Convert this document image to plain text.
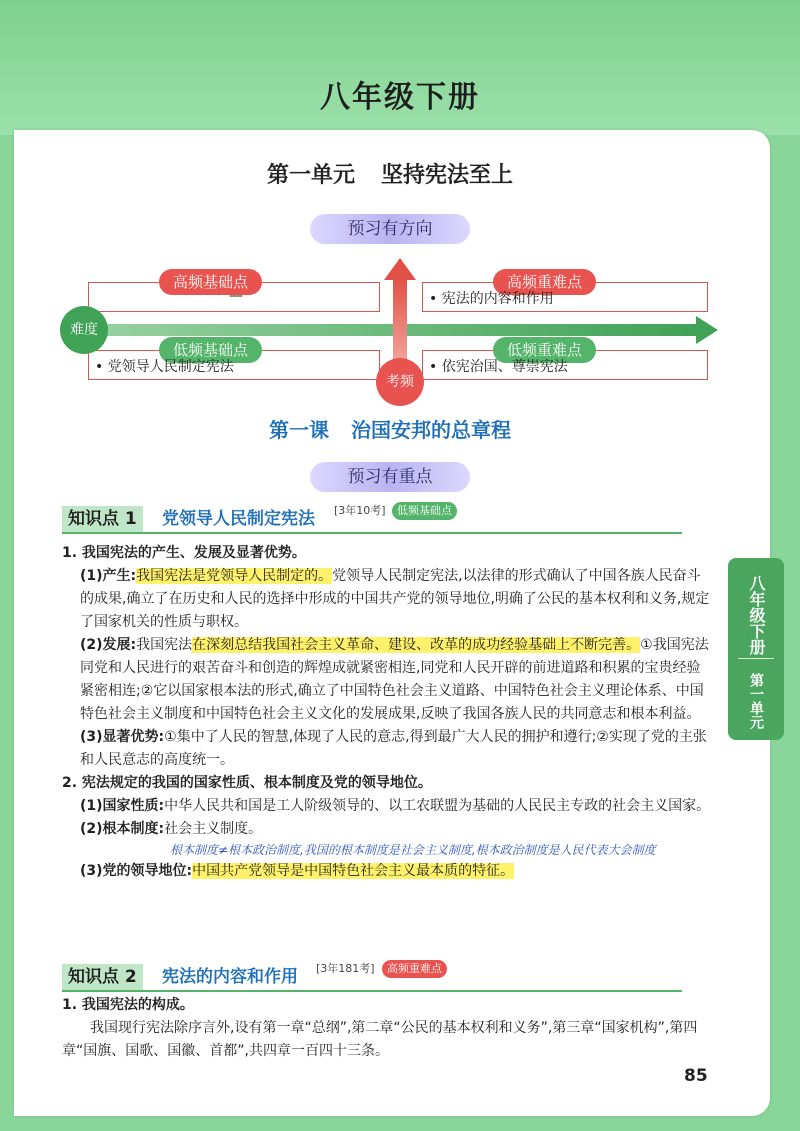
八年级下册
八年级下册
第一单元
第一单元 坚持宪法至上
预习有方向
高频基础点
—
高频重难点
• 宪法的内容和作用
低频基础点
• 党领导人民制定宪法
低频重难点
• 依宪治国、尊崇宪法
难度
考频
第一课 治国安邦的总章程
预习有重点
知识点 1	党领导人民制定宪法 [3年10考]	低频基础点

1. 我国宪法的产生、发展及显著优势。

(1)产生:我国宪法是党领导人民制定的。党领导人民制定宪法,以法律的形式确认了中国各族人民奋斗的成果,确立了在历史和人民的选择中形成的中国共产党的领导地位,明确了公民的基本权利和义务,规定了国家机关的性质与职权。

(2)发展:我国宪法在深刻总结我国社会主义革命、建设、改革的成功经验基础上不断完善。①我国宪法同党和人民进行的艰苦奋斗和创造的辉煌成就紧密相连,同党和人民开辟的前进道路和积累的宝贵经验紧密相连;②它以国家根本法的形式,确立了中国特色社会主义道路、中国特色社会主义理论体系、中国特色社会主义制度和中国特色社会主义文化的发展成果,反映了我国各族人民的共同意志和根本利益。

(3)显著优势:①集中了人民的智慧,体现了人民的意志,得到最广大人民的拥护和遵行;②实现了党的主张和人民意志的高度统一。

2. 宪法规定的我国的国家性质、根本制度及党的领导地位。

(1)国家性质:中华人民共和国是工人阶级领导的、以工农联盟为基础的人民民主专政的社会主义国家。

(2)根本制度:社会主义制度。

根本制度≠根本政治制度,我国的根本制度是社会主义制度,根本政治制度是人民代表大会制度

(3)党的领导地位:中国共产党领导是中国特色社会主义最本质的特征。

知识点 2	宪法的内容和作用 [3年181考]	高频重难点

1. 我国宪法的构成。

我国现行宪法除序言外,设有第一章“总纲”,第二章“公民的基本权利和义务”,第三章“国家机构”,第四章“国旗、国歌、国徽、首都”,共四章一百四十三条。

85
